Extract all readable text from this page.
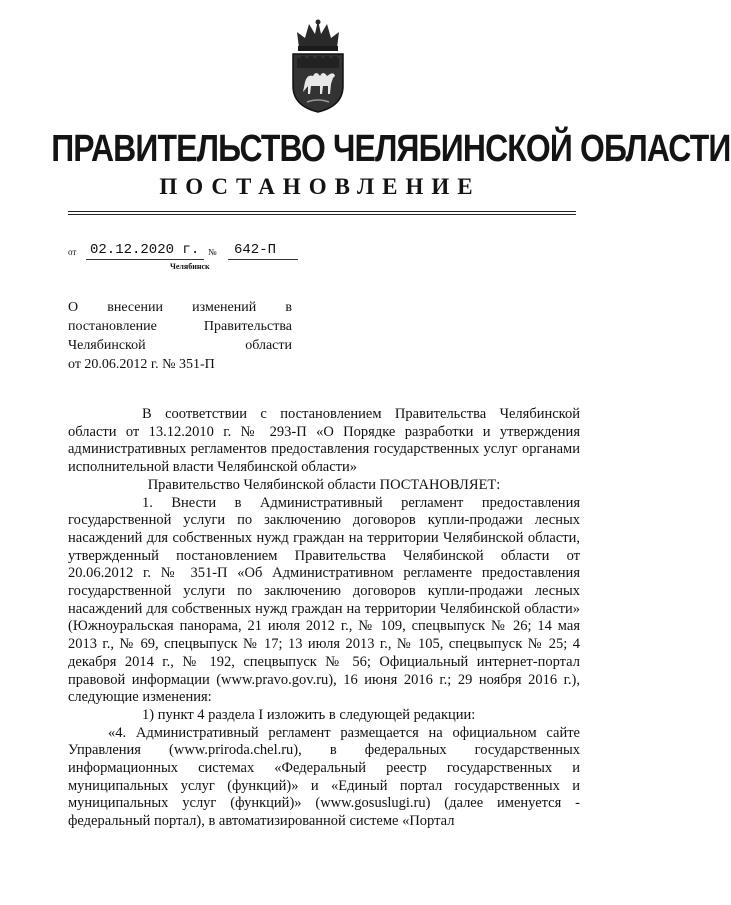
ПРАВИТЕЛЬСТВО ЧЕЛЯБИНСКОЙ ОБЛАСТИ
ПОСТАНОВЛЕНИЕ
от 02.12.2020 г. № 642-П
Челябинск
О внесении изменений в
постановление Правительства
Челябинской области
от 20.06.2012 г. № 351-П

В соответствии с постановлением Правительства Челябинской области от 13.12.2010 г. № 293-П «О Порядке разработки и утверждения административных регламентов предоставления государственных услуг органами исполнительной власти Челябинской области»

Правительство Челябинской области ПОСТАНОВЛЯЕТ:

1. Внести в Административный регламент предоставления государственной услуги по заключению договоров купли-продажи лесных насаждений для собственных нужд граждан на территории Челябинской области, утвержденный постановлением Правительства Челябинской области от 20.06.2012 г. № 351-П «Об Административном регламенте предоставления государственной услуги по заключению договоров купли-продажи лесных насаждений для собственных нужд граждан на территории Челябинской области» (Южноуральская панорама, 21 июля 2012 г., № 109, спецвыпуск № 26; 14 мая 2013 г., № 69, спецвыпуск № 17; 13 июля 2013 г., № 105, спецвыпуск № 25; 4 декабря 2014 г., № 192, спецвыпуск № 56; Официальный интернет-портал правовой информации (www.pravo.gov.ru), 16 июня 2016 г.; 29 ноября 2016 г.), следующие изменения:

1) пункт 4 раздела I изложить в следующей редакции:

«4. Административный регламент размещается на официальном сайте Управления (www.priroda.chel.ru), в федеральных государственных информационных системах «Федеральный реестр государственных и муниципальных услуг (функций)» и «Единый портал государственных и муниципальных услуг (функций)» (www.gosuslugi.ru) (далее именуется - федеральный портал), в автоматизированной системе «Портал
